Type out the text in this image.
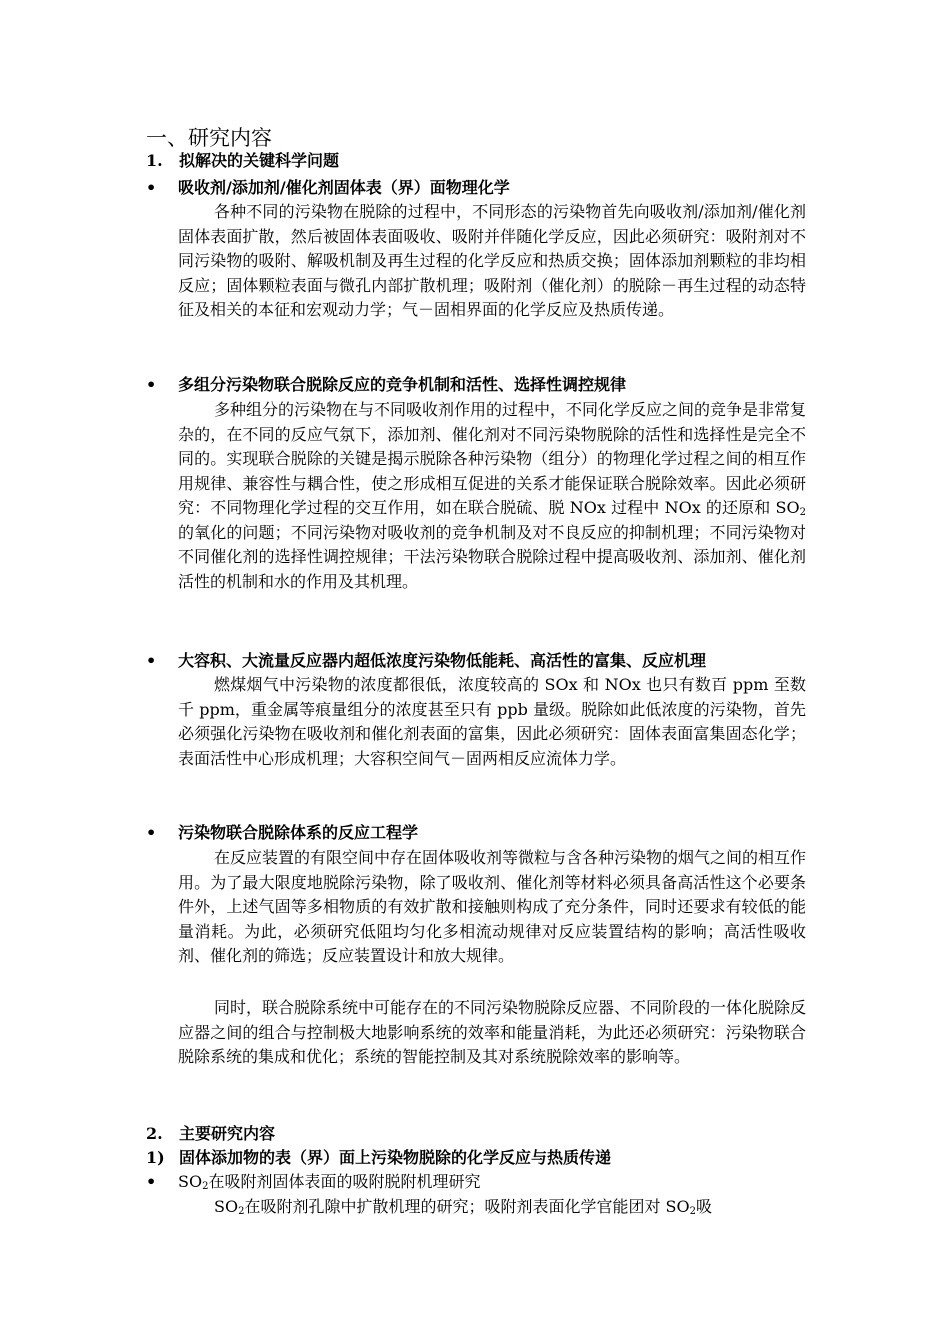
一、研究内容
1. 拟解决的关键科学问题
• 吸收剂/添加剂/催化剂固体表（界）面物理化学

各种不同的污染物在脱除的过程中，不同形态的污染物首先向吸收剂/添加剂/催化剂固体表面扩散，然后被固体表面吸收、吸附并伴随化学反应，因此必须研究：吸附剂对不同污染物的吸附、解吸机制及再生过程的化学反应和热质交换；固体添加剂颗粒的非均相反应；固体颗粒表面与微孔内部扩散机理；吸附剂（催化剂）的脱除－再生过程的动态特征及相关的本征和宏观动力学；气－固相界面的化学反应及热质传递。

• 多组分污染物联合脱除反应的竞争机制和活性、选择性调控规律

多种组分的污染物在与不同吸收剂作用的过程中，不同化学反应之间的竞争是非常复杂的，在不同的反应气氛下，添加剂、催化剂对不同污染物脱除的活性和选择性是完全不同的。实现联合脱除的关键是揭示脱除各种污染物（组分）的物理化学过程之间的相互作用规律、兼容性与耦合性，使之形成相互促进的关系才能保证联合脱除效率。因此必须研究：不同物理化学过程的交互作用，如在联合脱硫、脱 NOx 过程中 NOx 的还原和 $SO_2$的氧化的问题；不同污染物对吸收剂的竞争机制及对不良反应的抑制机理；不同污染物对不同催化剂的选择性调控规律；干法污染物联合脱除过程中提高吸收剂、添加剂、催化剂活性的机制和水的作用及其机理。

• 大容积、大流量反应器内超低浓度污染物低能耗、高活性的富集、反应机理

燃煤烟气中污染物的浓度都很低，浓度较高的 SOx 和 NOx 也只有数百 ppm 至数千 ppm，重金属等痕量组分的浓度甚至只有 ppb 量级。脱除如此低浓度的污染物，首先必须强化污染物在吸收剂和催化剂表面的富集，因此必须研究：固体表面富集固态化学；表面活性中心形成机理；大容积空间气－固两相反应流体力学。

• 污染物联合脱除体系的反应工程学

在反应装置的有限空间中存在固体吸收剂等微粒与含各种污染物的烟气之间的相互作用。为了最大限度地脱除污染物，除了吸收剂、催化剂等材料必须具备高活性这个必要条件外，上述气固等多相物质的有效扩散和接触则构成了充分条件，同时还要求有较低的能量消耗。为此，必须研究低阻均匀化多相流动规律对反应装置结构的影响；高活性吸收剂、催化剂的筛选；反应装置设计和放大规律。

同时，联合脱除系统中可能存在的不同污染物脱除反应器、不同阶段的一体化脱除反应器之间的组合与控制极大地影响系统的效率和能量消耗，为此还必须研究：污染物联合脱除系统的集成和优化；系统的智能控制及其对系统脱除效率的影响等。

2. 主要研究内容
1) 固体添加物的表（界）面上污染物脱除的化学反应与热质传递
• $SO_2$在吸附剂固体表面的吸附脱附机理研究

$SO_2$在吸附剂孔隙中扩散机理的研究；吸附剂表面化学官能团对 $SO_2$吸
